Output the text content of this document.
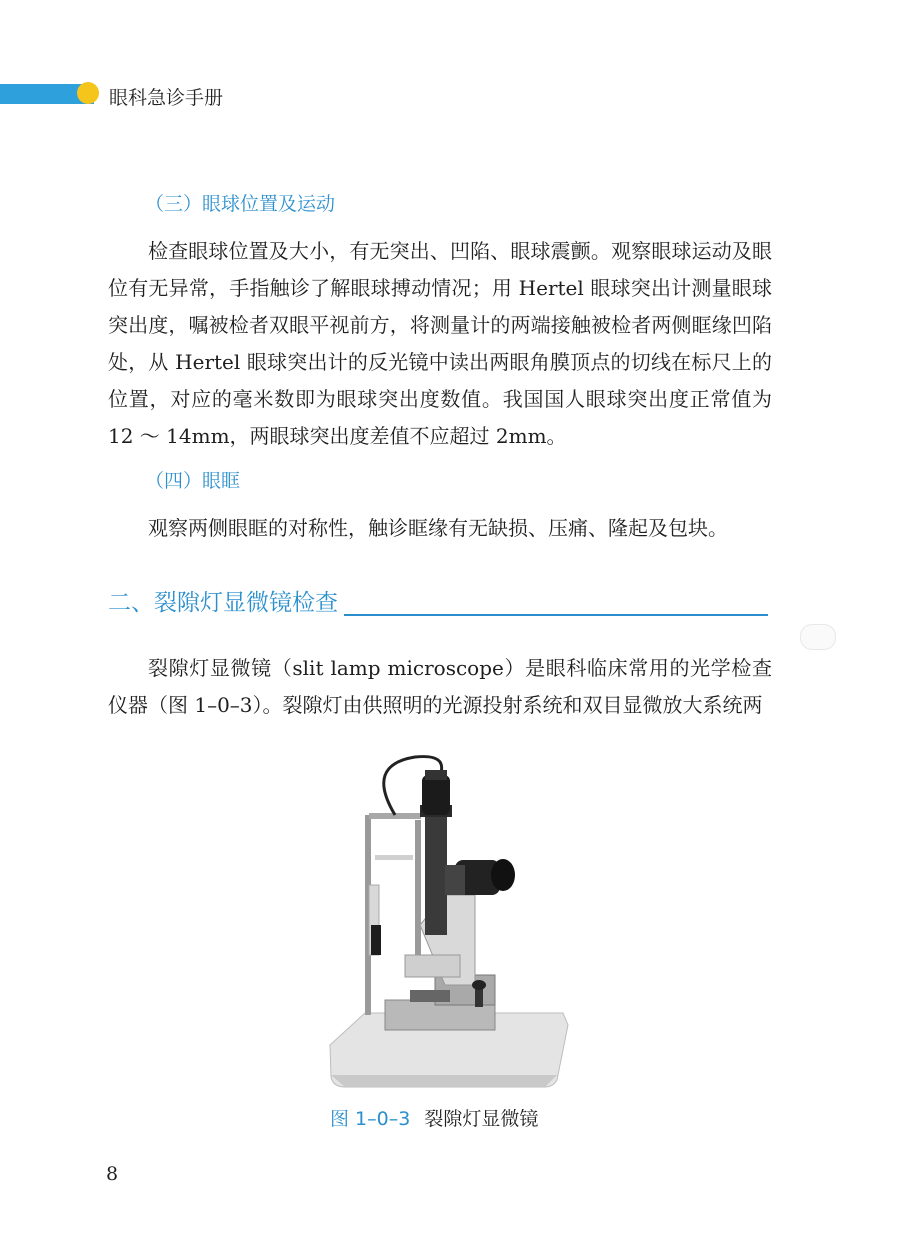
眼科急诊手册
（三）眼球位置及运动

检查眼球位置及大小，有无突出、凹陷、眼球震颤。观察眼球运动及眼位有无异常，手指触诊了解眼球搏动情况；用 Hertel 眼球突出计测量眼球突出度，嘱被检者双眼平视前方，将测量计的两端接触被检者两侧眶缘凹陷处，从 Hertel 眼球突出计的反光镜中读出两眼角膜顶点的切线在标尺上的位置，对应的毫米数即为眼球突出度数值。我国国人眼球突出度正常值为 12 ～ 14mm，两眼球突出度差值不应超过 2mm。

（四）眼眶

观察两侧眼眶的对称性，触诊眶缘有无缺损、压痛、隆起及包块。

二、裂隙灯显微镜检查

裂隙灯显微镜（slit lamp microscope）是眼科临床常用的光学检查仪器（图 1–0–3）。裂隙灯由供照明的光源投射系统和双目显微放大系统两

图 1–0–3 裂隙灯显微镜
8
